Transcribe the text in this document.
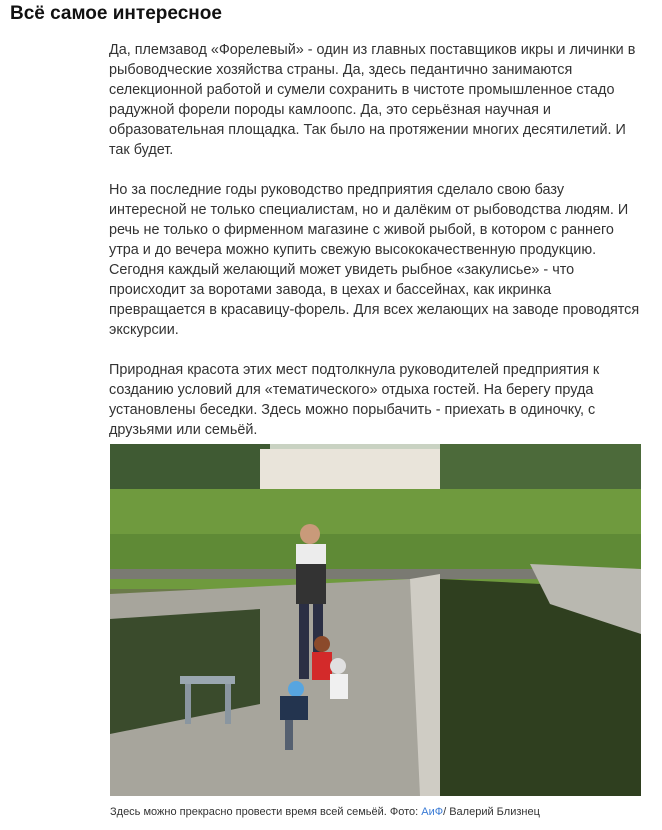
Всё самое интересное

Да, племзавод «Форелевый» - один из главных поставщиков икры и личинки в рыбоводческие хозяйства страны. Да, здесь педантично занимаются селекционной работой и сумели сохранить в чистоте промышленное стадо радужной форели породы камлоопс. Да, это серьёзная научная и образовательная площадка. Так было на протяжении многих десятилетий. И так будет.

Но за последние годы руководство предприятия сделало свою базу интересной не только специалистам, но и далёким от рыбоводства людям. И речь не только о фирменном магазине с живой рыбой, в котором с раннего утра и до вечера можно купить свежую высококачественную продукцию. Сегодня каждый желающий может увидеть рыбное «закулисье» - что происходит за воротами завода, в цехах и бассейнах, как икринка превращается в красавицу-форель. Для всех желающих на заводе проводятся экскурсии.

Природная красота этих мест подтолкнула руководителей предприятия к созданию условий для «тематического» отдыха гостей. На берегу пруда установлены беседки. Здесь можно порыбачить - приехать в одиночку, с друзьями или семьёй.

Здесь можно прекрасно провести время всей семьёй. Фото: АиФ/ Валерий Близнец
